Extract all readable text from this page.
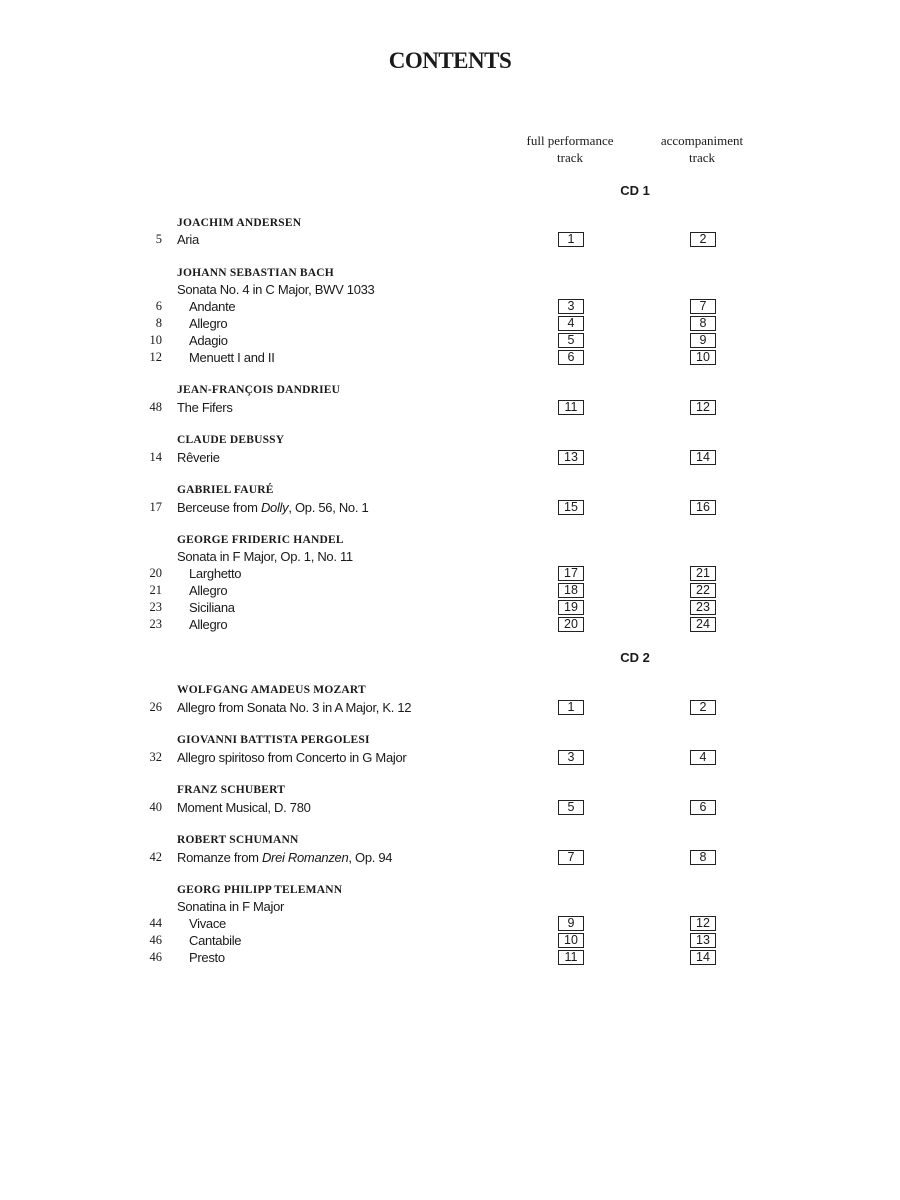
CONTENTS
full performance
track
accompaniment
track
CD 1
JOACHIM ANDERSEN
5 Aria	1	2
JOHANN SEBASTIAN BACH
Sonata No. 4 in C Major, BWV 1033
6 Andante	3	7
8 Allegro	4	8
10 Adagio	5	9
12 Menuett I and II	6	10
JEAN-FRANÇOIS DANDRIEU
48 The Fifers	11	12
CLAUDE DEBUSSY
14 Rêverie	13	14
GABRIEL FAURÉ
17 Berceuse from Dolly, Op. 56, No. 1	15	16
GEORGE FRIDERIC HANDEL
Sonata in F Major, Op. 1, No. 11
20 Larghetto	17	21
21 Allegro	18	22
23 Siciliana	19	23
23 Allegro	20	24
CD 2
WOLFGANG AMADEUS MOZART
26 Allegro from Sonata No. 3 in A Major, K. 12	1	2
GIOVANNI BATTISTA PERGOLESI
32 Allegro spiritoso from Concerto in G Major	3	4
FRANZ SCHUBERT
40 Moment Musical, D. 780	5	6
ROBERT SCHUMANN
42 Romanze from Drei Romanzen, Op. 94	7	8
GEORG PHILIPP TELEMANN
Sonatina in F Major
44 Vivace	9	12
46 Cantabile	10	13
46 Presto	11	14
